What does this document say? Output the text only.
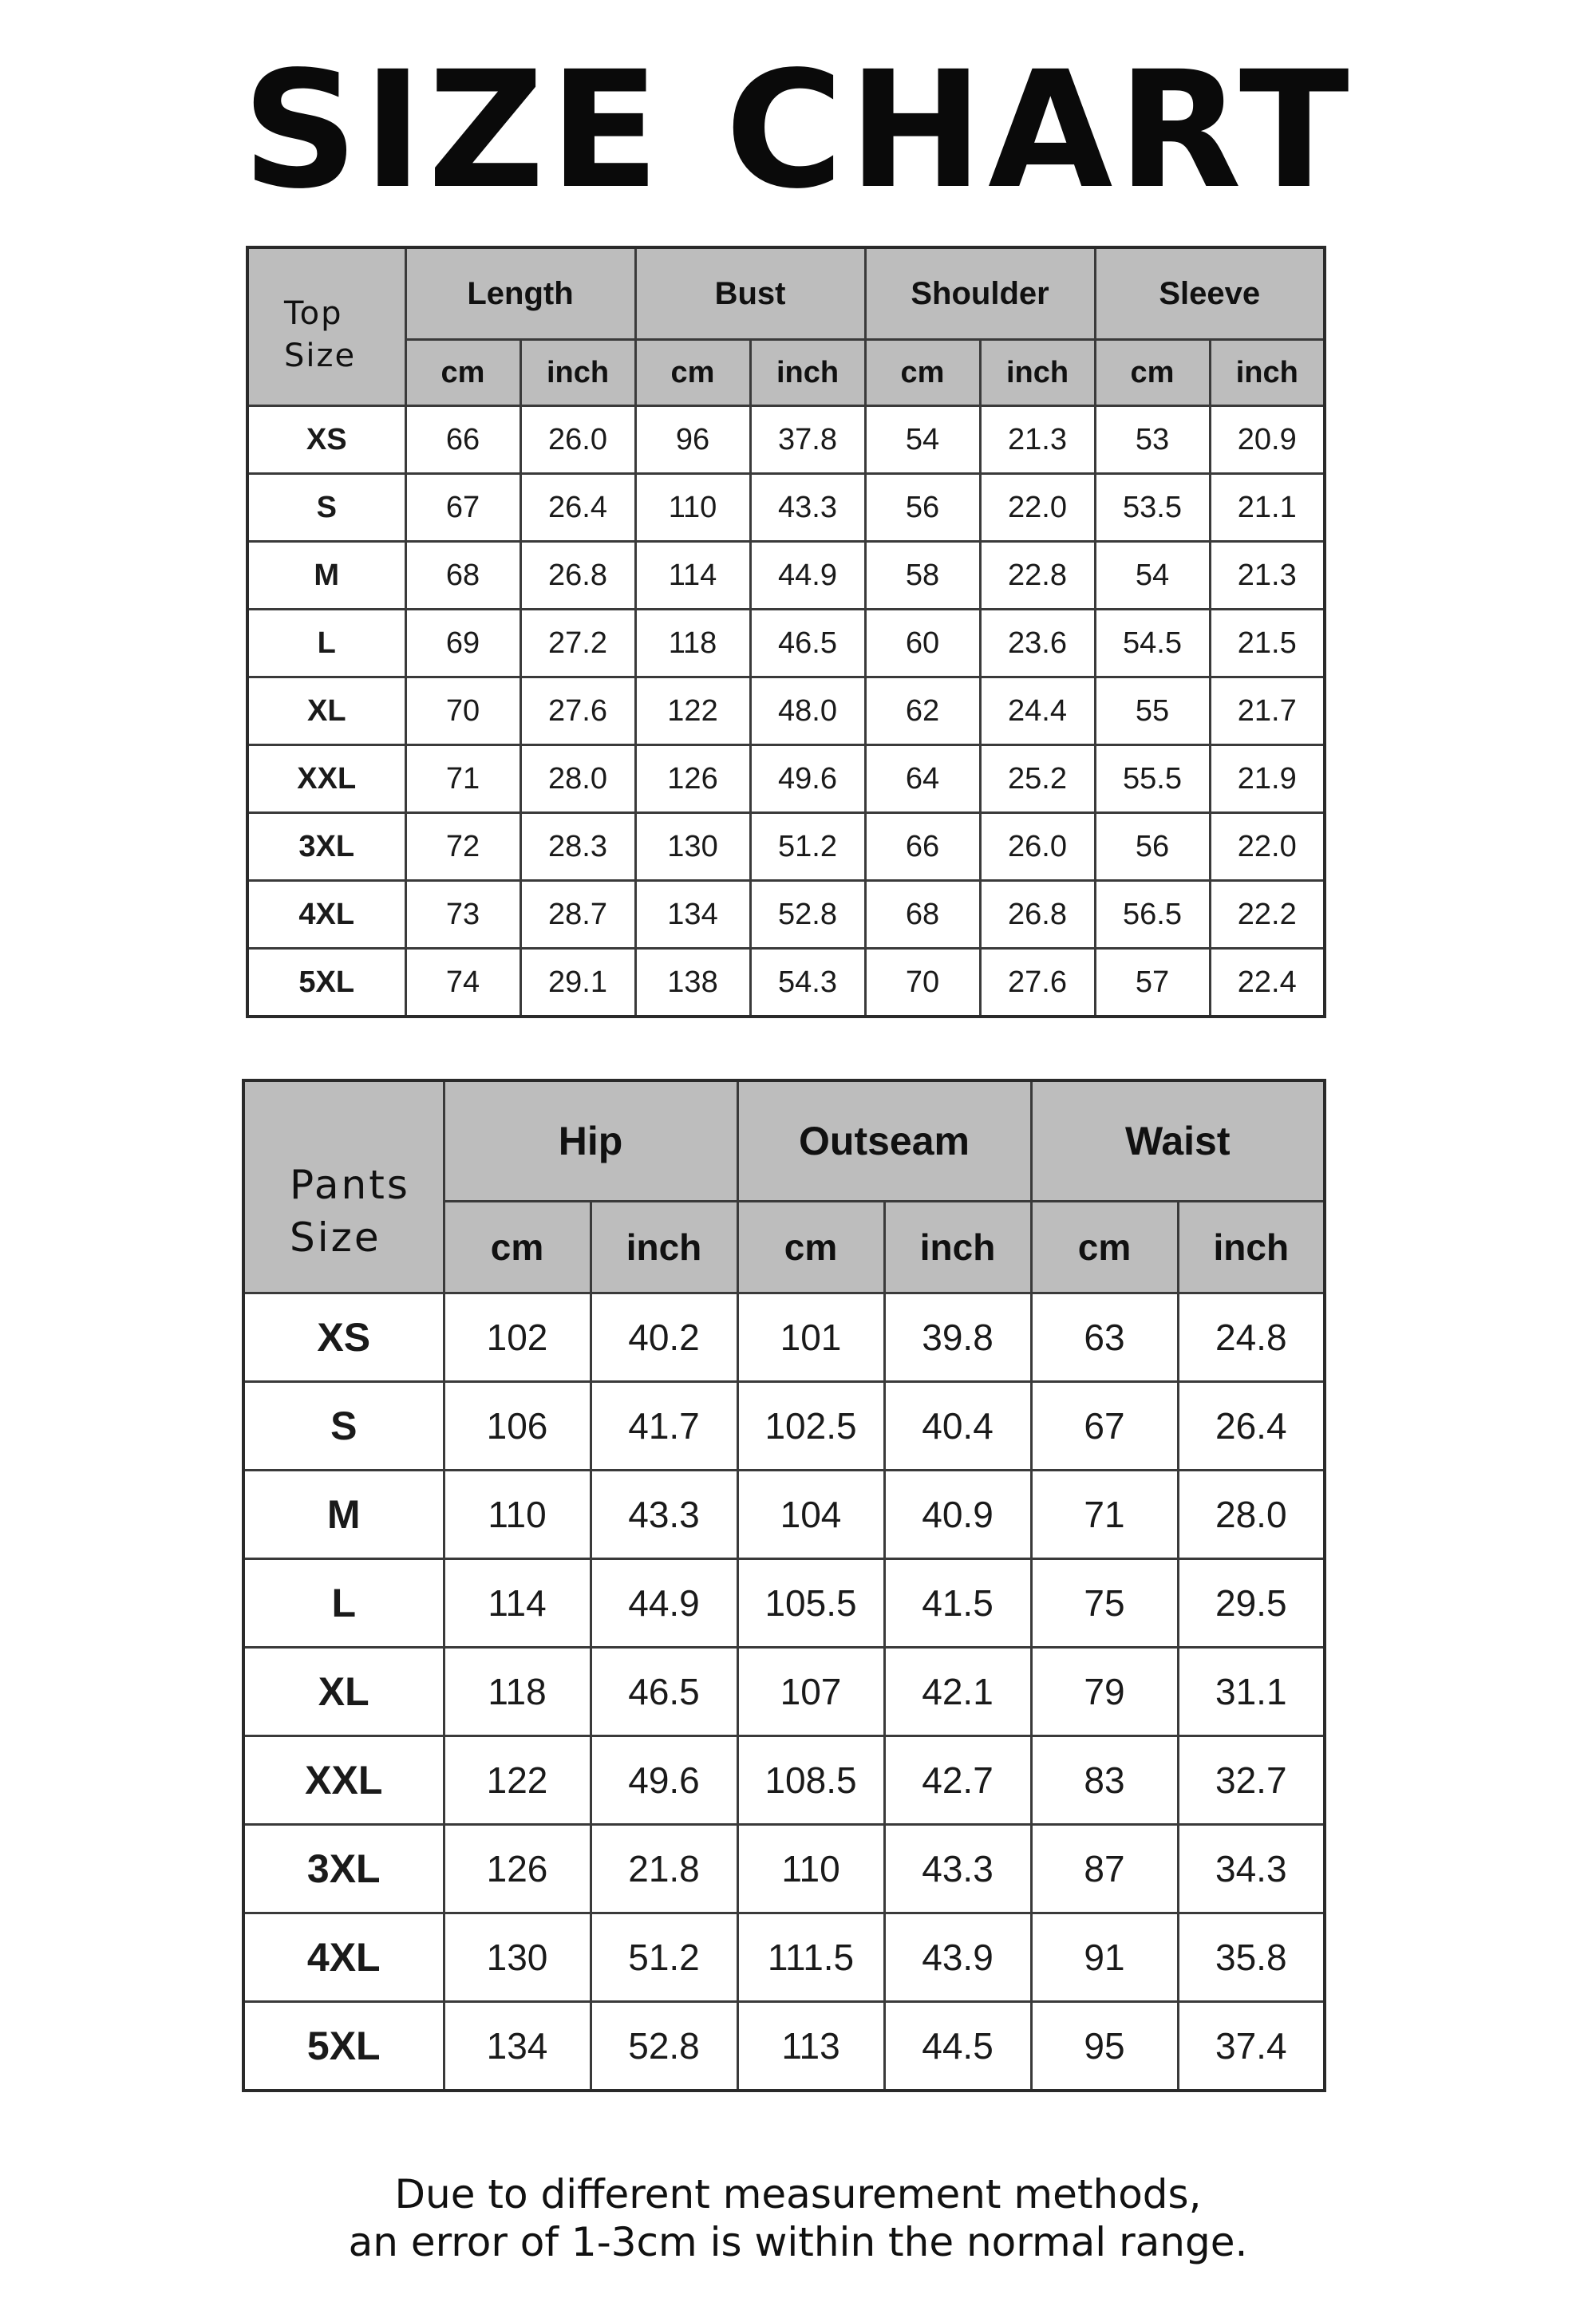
SIZE CHART
Top
Size	Length		Bust		Shoulder		Sleeve	
	cm	inch	cm	inch	cm	inch	cm	inch
XS	66	26.0	96	37.8	54	21.3	53	20.9
S	67	26.4	110	43.3	56	22.0	53.5	21.1
M	68	26.8	114	44.9	58	22.8	54	21.3
L	69	27.2	118	46.5	60	23.6	54.5	21.5
XL	70	27.6	122	48.0	62	24.4	55	21.7
XXL	71	28.0	126	49.6	64	25.2	55.5	21.9
3XL	72	28.3	130	51.2	66	26.0	56	22.0
4XL	73	28.7	134	52.8	68	26.8	56.5	22.2
5XL	74	29.1	138	54.3	70	27.6	57	22.4
Pants
Size	Hip		Outseam		Waist	
	cm	inch	cm	inch	cm	inch
XS	102	40.2	101	39.8	63	24.8
S	106	41.7	102.5	40.4	67	26.4
M	110	43.3	104	40.9	71	28.0
L	114	44.9	105.5	41.5	75	29.5
XL	118	46.5	107	42.1	79	31.1
XXL	122	49.6	108.5	42.7	83	32.7
3XL	126	21.8	110	43.3	87	34.3
4XL	130	51.2	111.5	43.9	91	35.8
5XL	134	52.8	113	44.5	95	37.4
Due to different measurement methods,
an error of 1-3cm is within the normal range.
